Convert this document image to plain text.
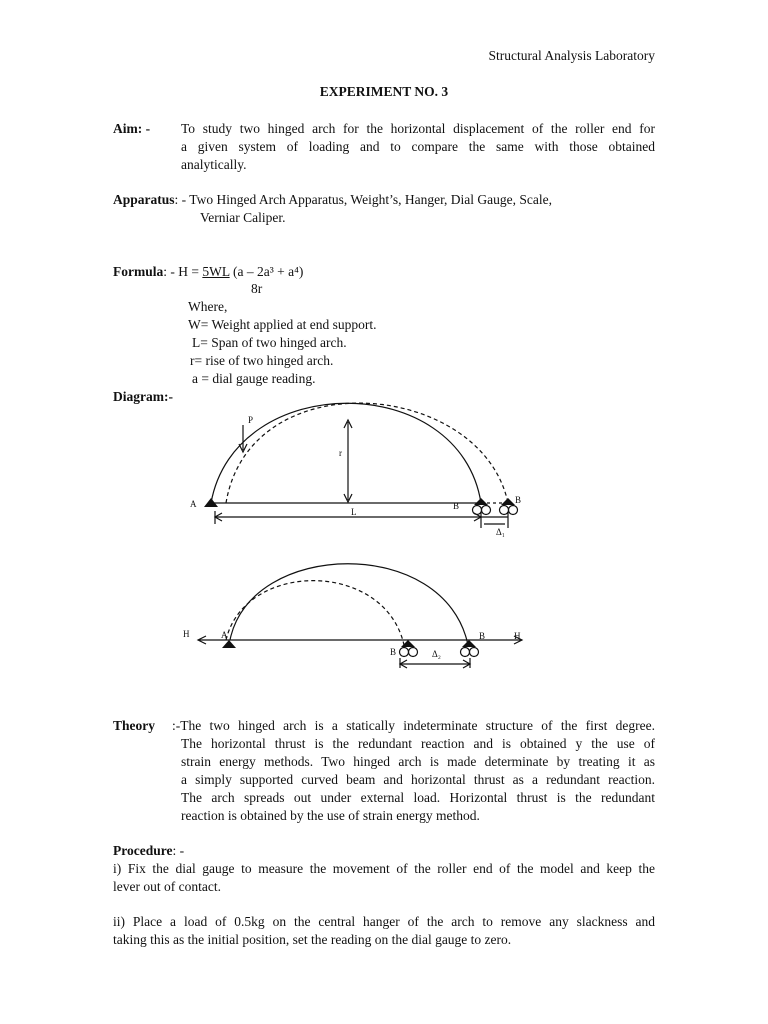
Structural Analysis Laboratory
EXPERIMENT NO. 3
Aim: - To study two hinged arch for the horizontal displacement of the roller end for
a given system of loading and to compare the same with those obtained
analytically.
Apparatus: - Two Hinged Arch Apparatus, Weight’s, Hanger, Dial Gauge, Scale,
Verniar Caliper.
Formula: - H = 5WL (a – 2a³ + a⁴)
8r
Where,
W= Weight applied at end support.
L= Span of two hinged arch.
r= rise of two hinged arch.
a = dial gauge reading.
Diagram:-
P
r
A	B
B
L
Δ₁
H	A
B
B	H
Δ₂
Theory :-The two hinged arch is a statically indeterminate structure of the first degree.
The horizontal thrust is the redundant reaction and is obtained y the use of
strain energy methods. Two hinged arch is made determinate by treating it as
a simply supported curved beam and horizontal thrust as a redundant reaction.
The arch spreads out under external load. Horizontal thrust is the redundant
reaction is obtained by the use of strain energy method.
Procedure: -
i) Fix the dial gauge to measure the movement of the roller end of the model and keep the
lever out of contact.
ii) Place a load of 0.5kg on the central hanger of the arch to remove any slackness and
taking this as the initial position, set the reading on the dial gauge to zero.
